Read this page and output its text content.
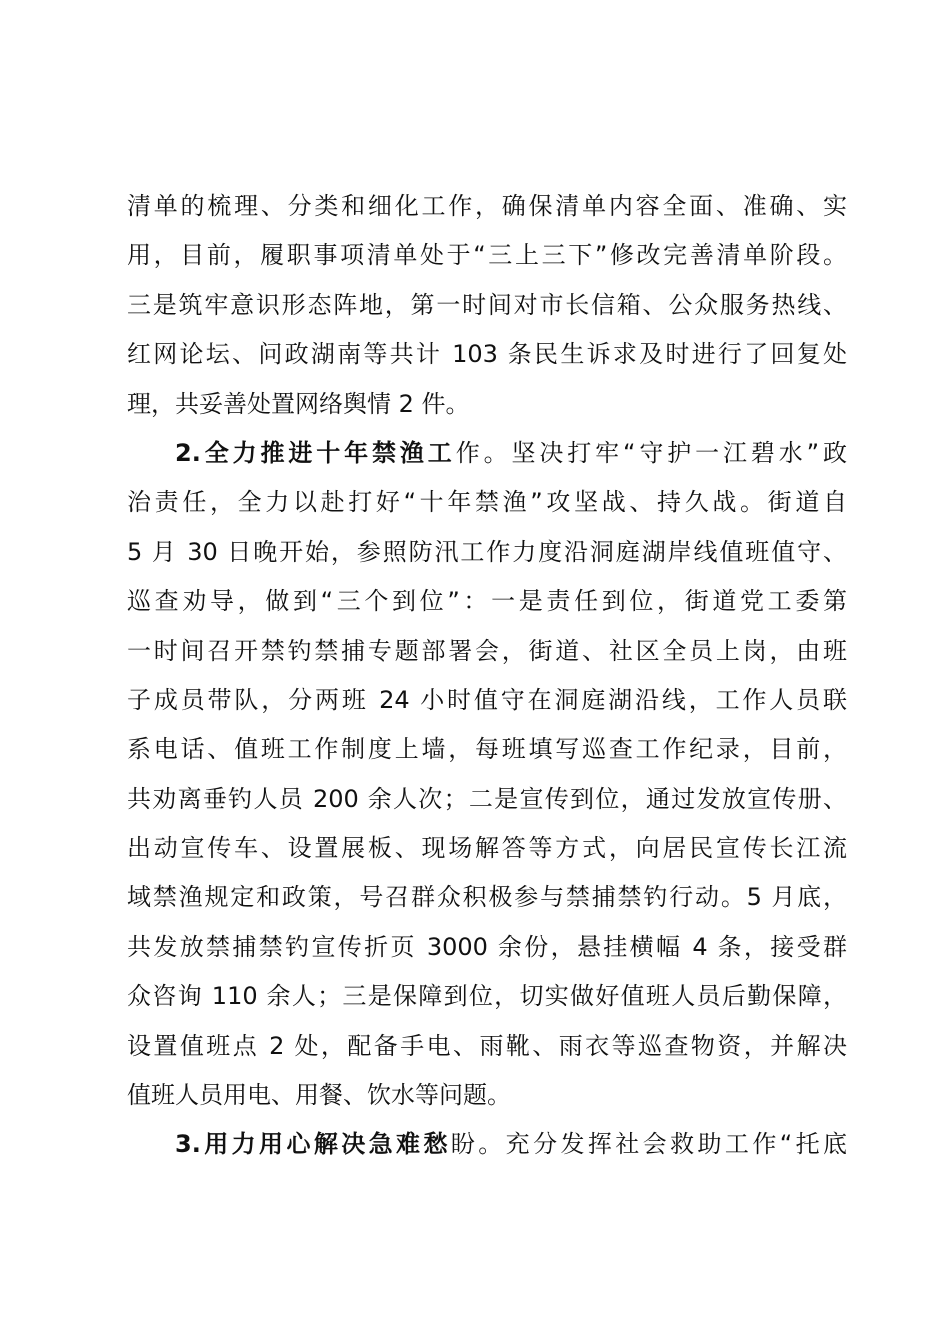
清单的梳理、分类和细化工作，确保清单内容全面、准确、实
用，目前，履职事项清单处于“三上三下”修改完善清单阶段。
三是筑牢意识形态阵地，第一时间对市长信箱、公众服务热线、
红网论坛、问政湖南等共计 103 条民生诉求及时进行了回复处
理，共妥善处置网络舆情 2 件。
2.全力推进十年禁渔工作。坚决打牢“守护一江碧水”政
治责任，全力以赴打好“十年禁渔”攻坚战、持久战。街道自
5 月 30 日晚开始，参照防汛工作力度沿洞庭湖岸线值班值守、
巡查劝导，做到“三个到位”：一是责任到位，街道党工委第
一时间召开禁钓禁捕专题部署会，街道、社区全员上岗，由班
子成员带队，分两班 24 小时值守在洞庭湖沿线，工作人员联
系电话、值班工作制度上墙，每班填写巡查工作纪录，目前，
共劝离垂钓人员 200 余人次；二是宣传到位，通过发放宣传册、
出动宣传车、设置展板、现场解答等方式，向居民宣传长江流
域禁渔规定和政策，号召群众积极参与禁捕禁钓行动。5 月底，
共发放禁捕禁钓宣传折页 3000 余份，悬挂横幅 4 条，接受群
众咨询 110 余人；三是保障到位，切实做好值班人员后勤保障，
设置值班点 2 处，配备手电、雨靴、雨衣等巡查物资，并解决
值班人员用电、用餐、饮水等问题。
3.用力用心解决急难愁盼。充分发挥社会救助工作“托底
